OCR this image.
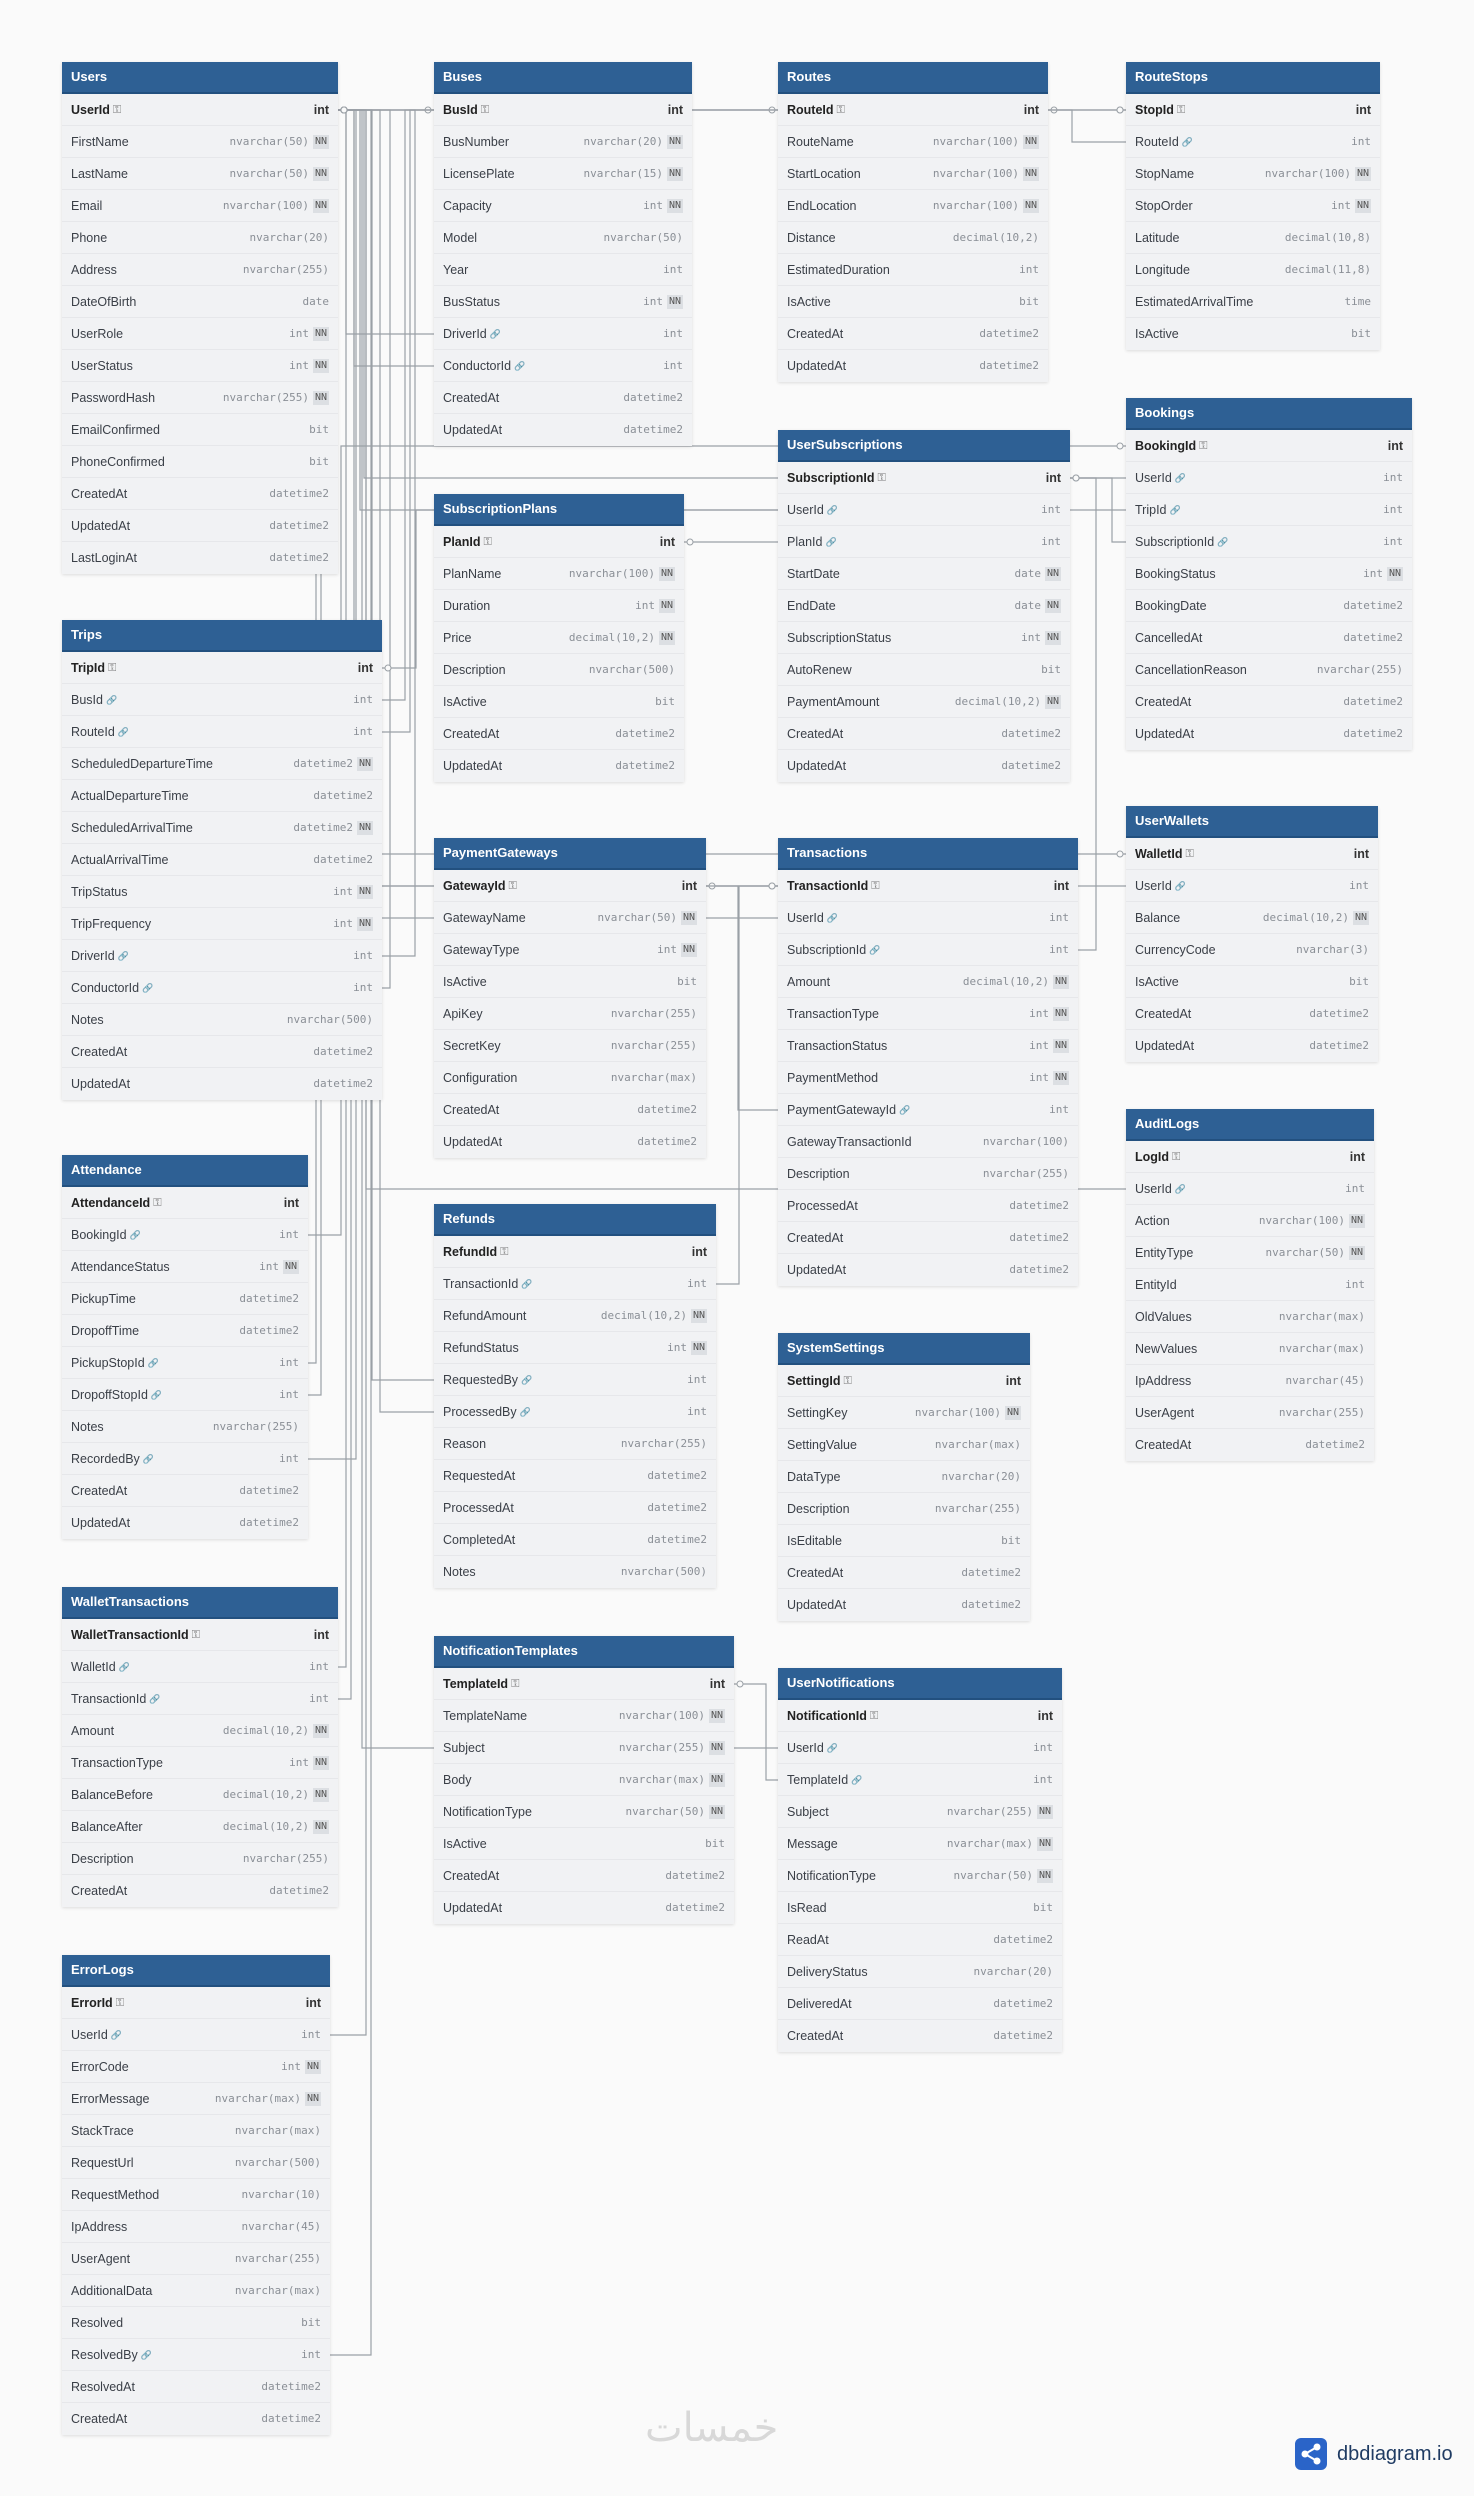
Users
UserId ⚿	int
FirstName	nvarchar(50) NN
LastName	nvarchar(50) NN
Email	nvarchar(100) NN
Phone	nvarchar(20)
Address	nvarchar(255)
DateOfBirth	date
UserRole	int NN
UserStatus	int NN
PasswordHash	nvarchar(255) NN
EmailConfirmed	bit
PhoneConfirmed	bit
CreatedAt	datetime2
UpdatedAt	datetime2
LastLoginAt	datetime2
Buses
BusId ⚿	int
BusNumber	nvarchar(20) NN
LicensePlate	nvarchar(15) NN
Capacity	int NN
Model	nvarchar(50)
Year	int
BusStatus	int NN
DriverId 🔗	int
ConductorId 🔗	int
CreatedAt	datetime2
UpdatedAt	datetime2
Routes
RouteId ⚿	int
RouteName	nvarchar(100) NN
StartLocation	nvarchar(100) NN
EndLocation	nvarchar(100) NN
Distance	decimal(10,2)
EstimatedDuration	int
IsActive	bit
CreatedAt	datetime2
UpdatedAt	datetime2
RouteStops
StopId ⚿	int
RouteId 🔗	int
StopName	nvarchar(100) NN
StopOrder	int NN
Latitude	decimal(10,8)
Longitude	decimal(11,8)
EstimatedArrivalTime	time
IsActive	bit
Bookings
BookingId ⚿	int
UserId 🔗	int
TripId 🔗	int
SubscriptionId 🔗	int
BookingStatus	int NN
BookingDate	datetime2
CancelledAt	datetime2
CancellationReason	nvarchar(255)
CreatedAt	datetime2
UpdatedAt	datetime2
SubscriptionPlans
PlanId ⚿	int
PlanName	nvarchar(100) NN
Duration	int NN
Price	decimal(10,2) NN
Description	nvarchar(500)
IsActive	bit
CreatedAt	datetime2
UpdatedAt	datetime2
UserSubscriptions
SubscriptionId ⚿	int
UserId 🔗	int
PlanId 🔗	int
StartDate	date NN
EndDate	date NN
SubscriptionStatus	int NN
AutoRenew	bit
PaymentAmount	decimal(10,2) NN
CreatedAt	datetime2
UpdatedAt	datetime2
Trips
TripId ⚿	int
BusId 🔗	int
RouteId 🔗	int
ScheduledDepartureTime	datetime2 NN
ActualDepartureTime	datetime2
ScheduledArrivalTime	datetime2 NN
ActualArrivalTime	datetime2
TripStatus	int NN
TripFrequency	int NN
DriverId 🔗	int
ConductorId 🔗	int
Notes	nvarchar(500)
CreatedAt	datetime2
UpdatedAt	datetime2
UserWallets
WalletId ⚿	int
UserId 🔗	int
Balance	decimal(10,2) NN
CurrencyCode	nvarchar(3)
IsActive	bit
CreatedAt	datetime2
UpdatedAt	datetime2
PaymentGateways
GatewayId ⚿	int
GatewayName	nvarchar(50) NN
GatewayType	int NN
IsActive	bit
ApiKey	nvarchar(255)
SecretKey	nvarchar(255)
Configuration	nvarchar(max)
CreatedAt	datetime2
UpdatedAt	datetime2
Transactions
TransactionId ⚿	int
UserId 🔗	int
SubscriptionId 🔗	int
Amount	decimal(10,2) NN
TransactionType	int NN
TransactionStatus	int NN
PaymentMethod	int NN
PaymentGatewayId 🔗	int
GatewayTransactionId	nvarchar(100)
Description	nvarchar(255)
ProcessedAt	datetime2
CreatedAt	datetime2
UpdatedAt	datetime2
AuditLogs
LogId ⚿	int
UserId 🔗	int
Action	nvarchar(100) NN
EntityType	nvarchar(50) NN
EntityId	int
OldValues	nvarchar(max)
NewValues	nvarchar(max)
IpAddress	nvarchar(45)
UserAgent	nvarchar(255)
CreatedAt	datetime2
Attendance
AttendanceId ⚿	int
BookingId 🔗	int
AttendanceStatus	int NN
PickupTime	datetime2
DropoffTime	datetime2
PickupStopId 🔗	int
DropoffStopId 🔗	int
Notes	nvarchar(255)
RecordedBy 🔗	int
CreatedAt	datetime2
UpdatedAt	datetime2
Refunds
RefundId ⚿	int
TransactionId 🔗	int
RefundAmount	decimal(10,2) NN
RefundStatus	int NN
RequestedBy 🔗	int
ProcessedBy 🔗	int
Reason	nvarchar(255)
RequestedAt	datetime2
ProcessedAt	datetime2
CompletedAt	datetime2
Notes	nvarchar(500)
SystemSettings
SettingId ⚿	int
SettingKey	nvarchar(100) NN
SettingValue	nvarchar(max)
DataType	nvarchar(20)
Description	nvarchar(255)
IsEditable	bit
CreatedAt	datetime2
UpdatedAt	datetime2
WalletTransactions
WalletTransactionId ⚿	int
WalletId 🔗	int
TransactionId 🔗	int
Amount	decimal(10,2) NN
TransactionType	int NN
BalanceBefore	decimal(10,2) NN
BalanceAfter	decimal(10,2) NN
Description	nvarchar(255)
CreatedAt	datetime2
NotificationTemplates
TemplateId ⚿	int
TemplateName	nvarchar(100) NN
Subject	nvarchar(255) NN
Body	nvarchar(max) NN
NotificationType	nvarchar(50) NN
IsActive	bit
CreatedAt	datetime2
UpdatedAt	datetime2
UserNotifications
NotificationId ⚿	int
UserId 🔗	int
TemplateId 🔗	int
Subject	nvarchar(255) NN
Message	nvarchar(max) NN
NotificationType	nvarchar(50) NN
IsRead	bit
ReadAt	datetime2
DeliveryStatus	nvarchar(20)
DeliveredAt	datetime2
CreatedAt	datetime2
ErrorLogs
ErrorId ⚿	int
UserId 🔗	int
ErrorCode	int NN
ErrorMessage	nvarchar(max) NN
StackTrace	nvarchar(max)
RequestUrl	nvarchar(500)
RequestMethod	nvarchar(10)
IpAddress	nvarchar(45)
UserAgent	nvarchar(255)
AdditionalData	nvarchar(max)
Resolved	bit
ResolvedBy 🔗	int
ResolvedAt	datetime2
CreatedAt	datetime2	خمسات
dbdiagram.io
